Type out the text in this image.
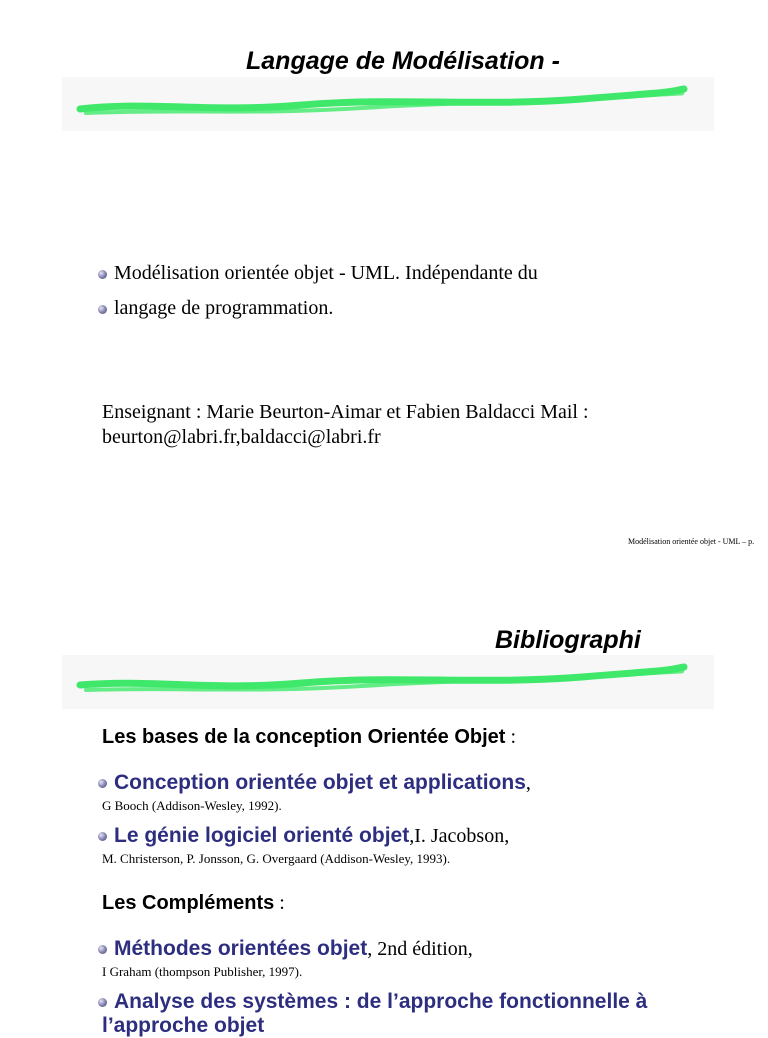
Langage de Modélisation -
Modélisation orientée objet - UML. Indépendante du
langage de programmation.
Enseignant : Marie Beurton-Aimar et Fabien Baldacci Mail :
beurton@labri.fr,baldacci@labri.fr
Modélisation orientée objet - UML – p.
Bibliographi
Les bases de la conception Orientée Objet :
Conception orientée objet et applications,
G Booch (Addison-Wesley, 1992).
Le génie logiciel orienté objet,I. Jacobson,
M. Christerson, P. Jonsson, G. Overgaard (Addison-Wesley, 1993).
Les Compléments :
Méthodes orientées objet, 2nd édition,
I Graham (thompson Publisher, 1997).
Analyse des systèmes : de l’approche fonctionnelle à
l’approche objet
